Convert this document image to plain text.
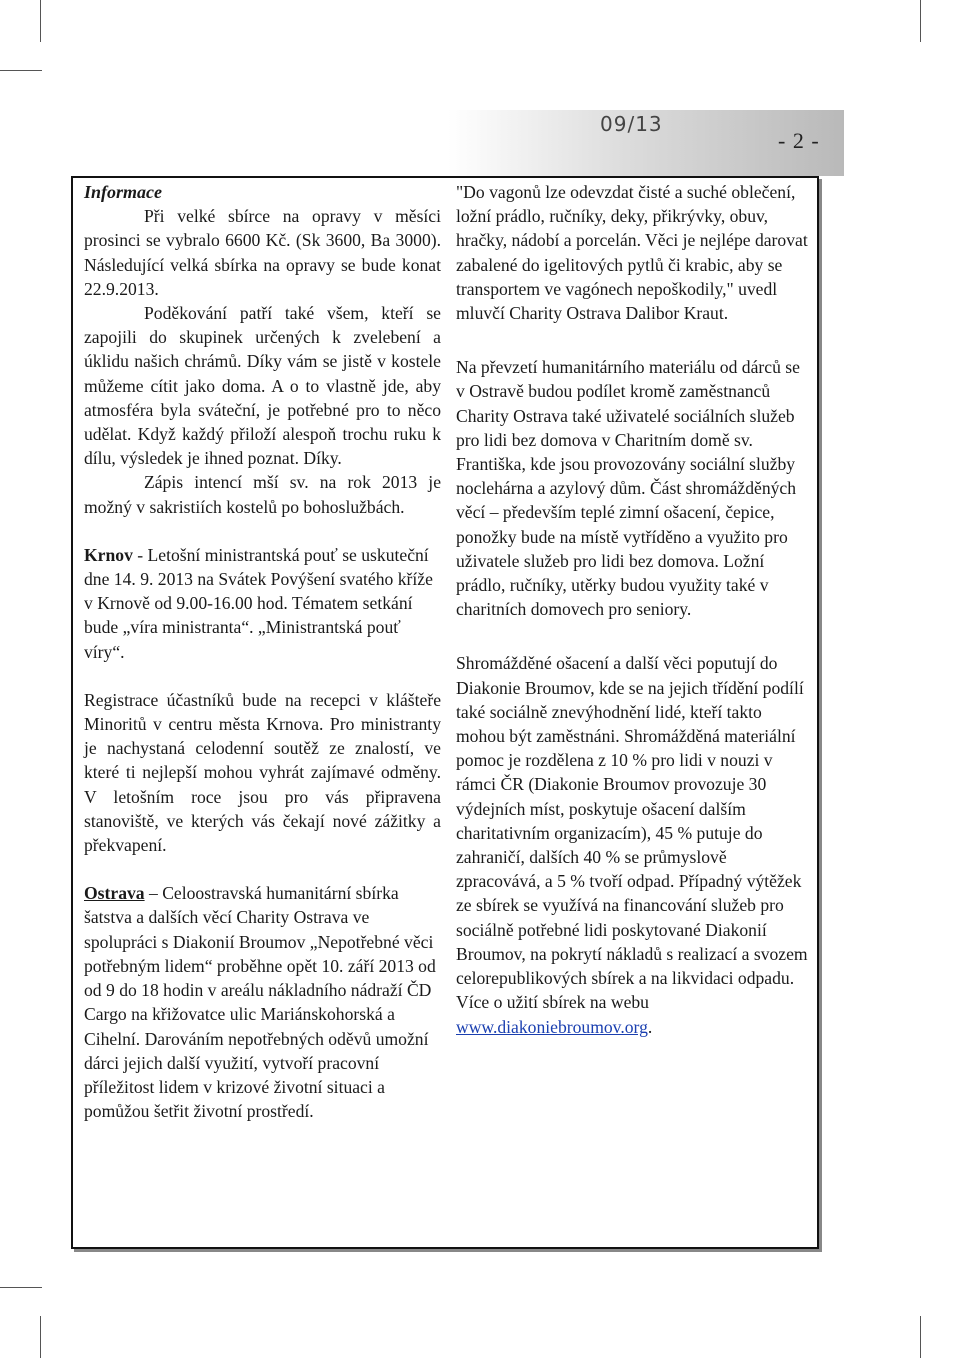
09/13
- 2 -

Informace

Při velké sbírce na opravy v měsíci prosinci se vybralo 6600 Kč. (Sk 3600, Ba 3000). Následující velká sbírka na opravy se bude konat 22.9.2013.

Poděkování patří také všem, kteří se zapojili do skupinek určených k zvelebení a úklidu našich chrámů. Díky vám se jistě v kostele můžeme cítit jako doma. A o to vlastně jde, aby atmosféra byla sváteční, je potřebné pro to něco udělat. Když každý přiloží alespoň trochu ruku k dílu, výsledek je ihned poznat. Díky.

Zápis intencí mší sv. na rok 2013 je možný v sakristiích kostelů po bohoslužbách.

Krnov - Letošní ministrantská pouť se uskuteční dne 14. 9. 2013 na Svátek Povýšení svatého kříže v Krnově od 9.00-16.00 hod. Tématem setkání bude „víra ministranta“. „Ministrantská pouť víry“.

Registrace účastníků bude na recepci v klášteře Minoritů v centru města Krnova. Pro ministranty je nachystaná celodenní soutěž ze znalostí, ve které ti nejlepší mohou vyhrát zajímavé odměny. V letošním roce jsou pro vás připravena stanoviště, ve kterých vás čekají nové zážitky a překvapení.

Ostrava – Celoostravská humanitární sbírka šatstva a dalších věcí Charity Ostrava ve spolupráci s Diakonií Broumov „Nepotřebné věci potřebným lidem“ proběhne opět 10. září 2013 od od 9 do 18 hodin v areálu nákladního nádraží ČD Cargo na křižovatce ulic Mariánskohorská a Cihelní. Darováním nepotřebných oděvů umožní dárci jejich další využití, vytvoří pracovní příležitost lidem v krizové životní situaci a pomůžou šetřit životní prostředí.

"Do vagonů lze odevzdat čisté a suché oblečení, ložní prádlo, ručníky, deky, přikrývky, obuv, hračky, nádobí a porcelán. Věci je nejlépe darovat zabalené do igelitových pytlů či krabic, aby se transportem ve vagónech nepoškodily," uvedl mluvčí Charity Ostrava Dalibor Kraut.

Na převzetí humanitárního materiálu od dárců se v Ostravě budou podílet kromě zaměstnanců Charity Ostrava také uživatelé sociálních služeb pro lidi bez domova v Charitním domě sv. Františka, kde jsou provozovány sociální služby noclehárna a azylový dům. Část shromážděných věcí – především teplé zimní ošacení, čepice, ponožky bude na místě vytříděno a využito pro uživatele služeb pro lidi bez domova. Ložní prádlo, ručníky, utěrky budou využity také v charitních domovech pro seniory.

Shromážděné ošacení a další věci poputují do Diakonie Broumov, kde se na jejich třídění podílí také sociálně znevýhodnění lidé, kteří takto mohou být zaměstnáni. Shromážděná materiální pomoc je rozdělena z 10 % pro lidi v nouzi v rámci ČR (Diakonie Broumov provozuje 30 výdejních míst, poskytuje ošacení dalším charitativním organizacím), 45 % putuje do zahraničí, dalších 40 % se průmyslově zpracovává, a 5 % tvoří odpad. Případný výtěžek ze sbírek se využívá na financování služeb pro sociálně potřebné lidi poskytované Diakonií Broumov, na pokrytí nákladů s realizací a svozem celorepublikových sbírek a na likvidaci odpadu. Více o užití sbírek na webu www.diakoniebroumov.org.
